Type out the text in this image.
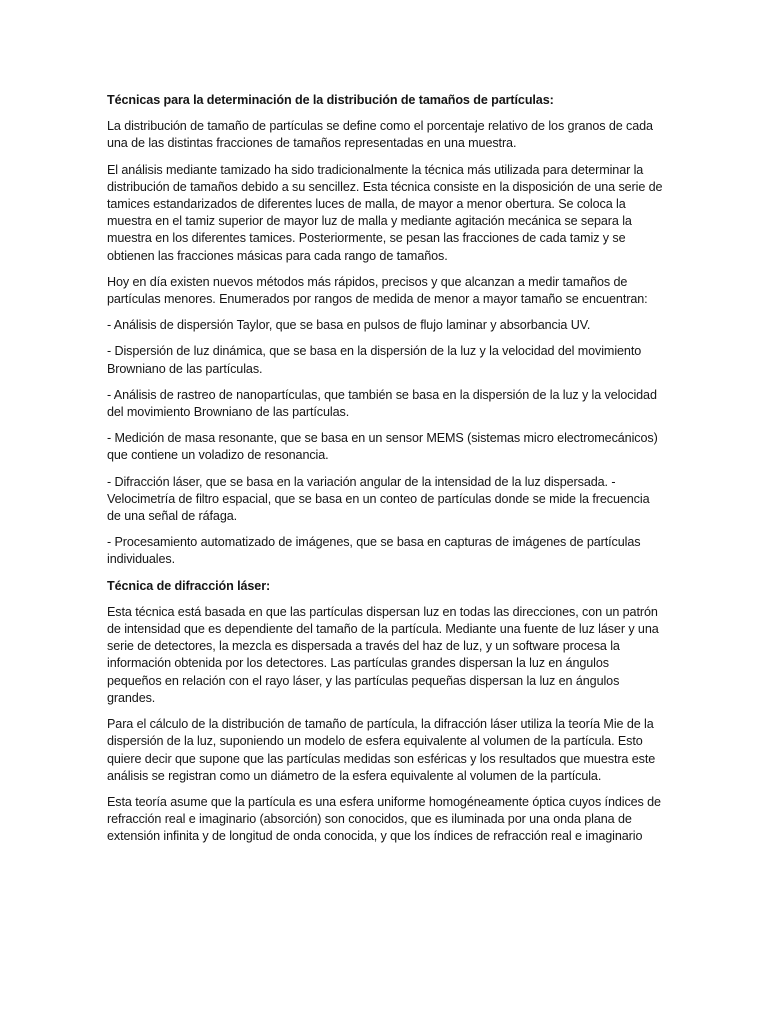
Técnicas para la determinación de la distribución de tamaños de partículas:

La distribución de tamaño de partículas se define como el porcentaje relativo de los granos de cada una de las distintas fracciones de tamaños representadas en una muestra.

El análisis mediante tamizado ha sido tradicionalmente la técnica más utilizada para determinar la distribución de tamaños debido a su sencillez. Esta técnica consiste en la disposición de una serie de tamices estandarizados de diferentes luces de malla, de mayor a menor obertura. Se coloca la muestra en el tamiz superior de mayor luz de malla y mediante agitación mecánica se separa la muestra en los diferentes tamices. Posteriormente, se pesan las fracciones de cada tamiz y se obtienen las fracciones másicas para cada rango de tamaños.

Hoy en día existen nuevos métodos más rápidos, precisos y que alcanzan a medir tamaños de partículas menores. Enumerados por rangos de medida de menor a mayor tamaño se encuentran:

- Análisis de dispersión Taylor, que se basa en pulsos de flujo laminar y absorbancia UV.

- Dispersión de luz dinámica, que se basa en la dispersión de la luz y la velocidad del movimiento Browniano de las partículas.

- Análisis de rastreo de nanopartículas, que también se basa en la dispersión de la luz y la velocidad del movimiento Browniano de las partículas.

- Medición de masa resonante, que se basa en un sensor MEMS (sistemas micro electromecánicos) que contiene un voladizo de resonancia.

- Difracción láser, que se basa en la variación angular de la intensidad de la luz dispersada. - Velocimetría de filtro espacial, que se basa en un conteo de partículas donde se mide la frecuencia de una señal de ráfaga.

- Procesamiento automatizado de imágenes, que se basa en capturas de imágenes de partículas individuales.

Técnica de difracción láser:

Esta técnica está basada en que las partículas dispersan luz en todas las direcciones, con un patrón de intensidad que es dependiente del tamaño de la partícula. Mediante una fuente de luz láser y una serie de detectores, la mezcla es dispersada a través del haz de luz, y un software procesa la información obtenida por los detectores. Las partículas grandes dispersan la luz en ángulos pequeños en relación con el rayo láser, y las partículas pequeñas dispersan la luz en ángulos grandes.

Para el cálculo de la distribución de tamaño de partícula, la difracción láser utiliza la teoría Mie de la dispersión de la luz, suponiendo un modelo de esfera equivalente al volumen de la partícula. Esto quiere decir que supone que las partículas medidas son esféricas y los resultados que muestra este análisis se registran como un diámetro de la esfera equivalente al volumen de la partícula.

Esta teoría asume que la partícula es una esfera uniforme homogéneamente óptica cuyos índices de refracción real e imaginario (absorción) son conocidos, que es iluminada por una onda plana de extensión infinita y de longitud de onda conocida, y que los índices de refracción real e imaginario
